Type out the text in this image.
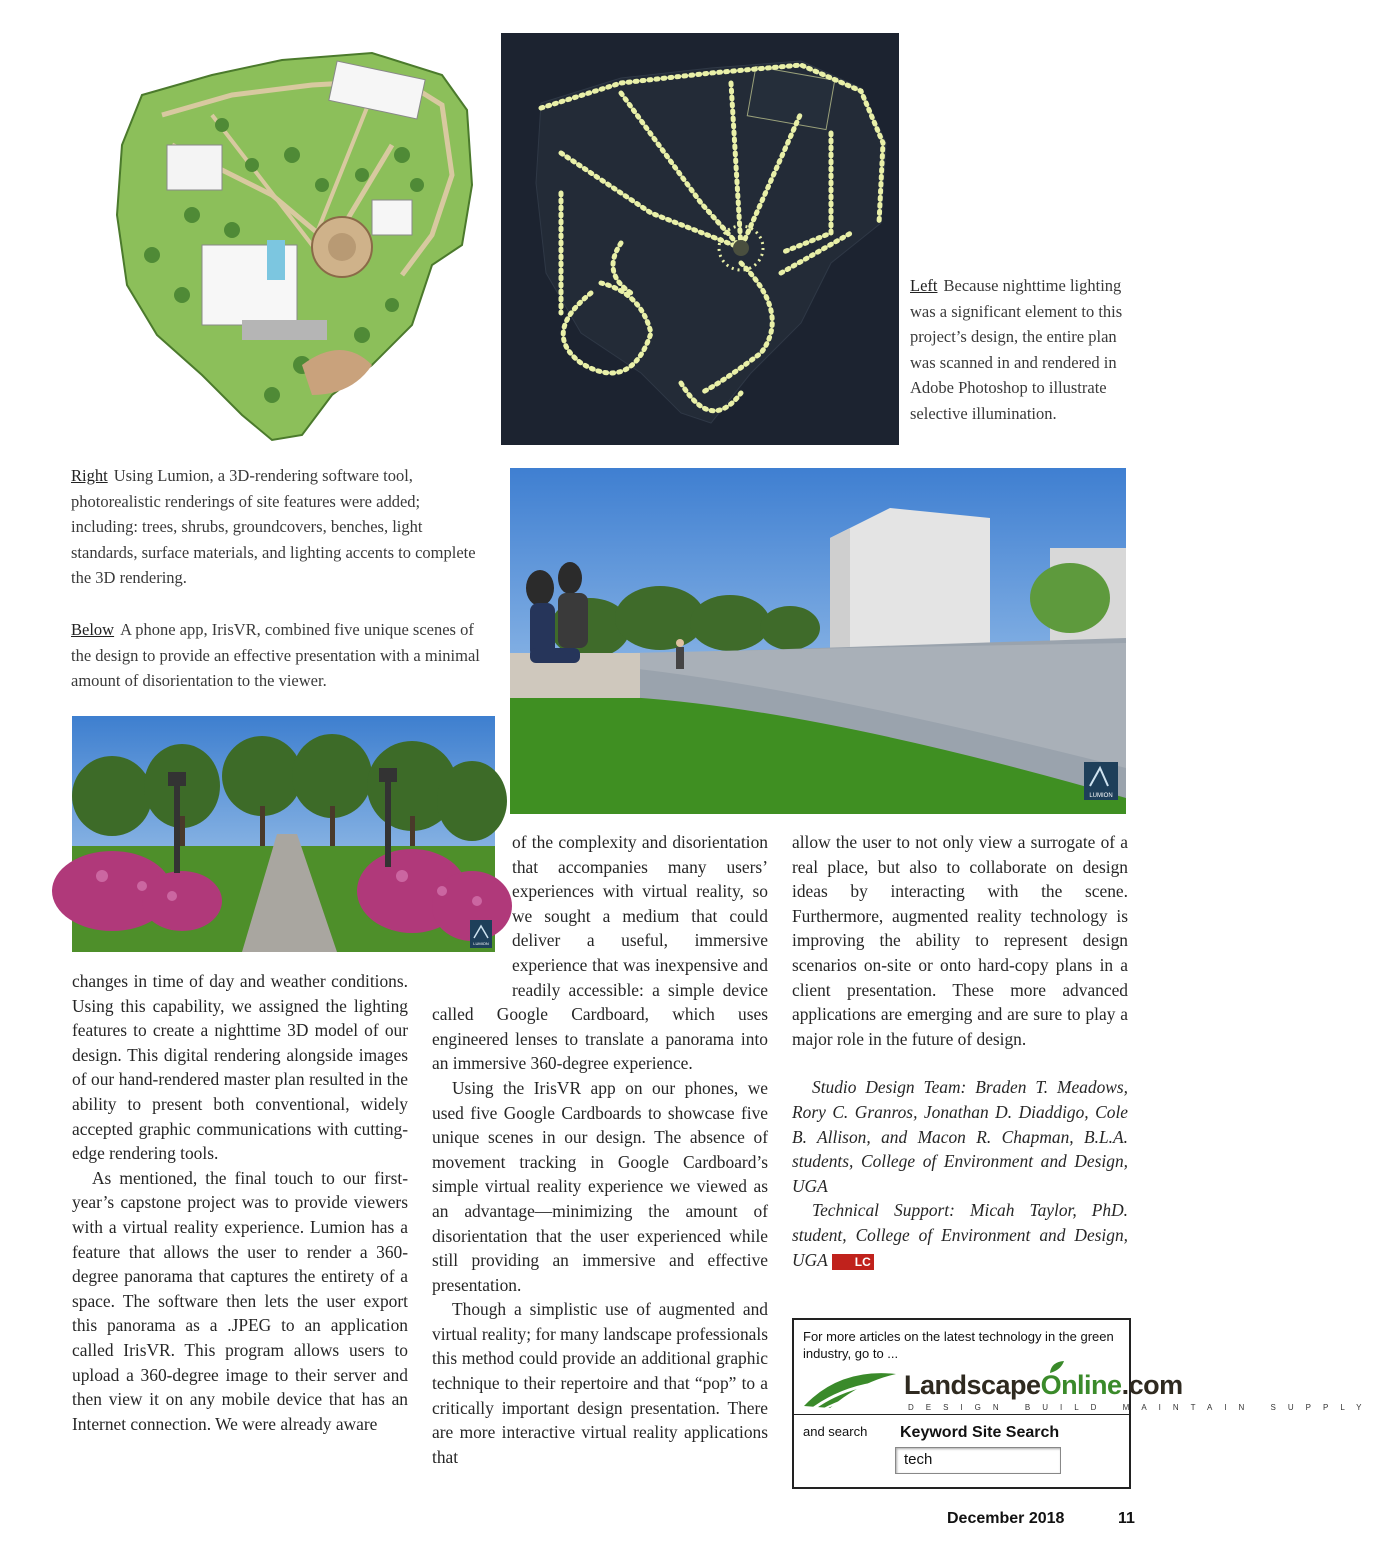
Left Because nighttime lighting was a significant element to this project’s design, the entire plan was scanned in and rendered in Adobe Photoshop to illustrate selective illumination.
Right Using Lumion, a 3D-rendering software tool, photorealistic renderings of site features were added; including: trees, shrubs, groundcovers, benches, light standards, surface materials, and lighting accents to complete the 3D rendering.
Below A phone app, IrisVR, combined five unique scenes of the design to provide an effective presentation with a minimal amount of disorientation to the viewer.
LUMION
LUMION

of the complexity and disorientation that accompanies many users’ experiences with virtual reality, so we sought a medium that could deliver a useful, immersive experience that was inexpensive and readily accessible: a simple device called Google Cardboard, which uses engineered lenses to translate a panorama into an immersive 360-degree experience.

Using the IrisVR app on our phones, we used five Google Cardboards to showcase five unique scenes in our design. The absence of movement tracking in Google Cardboard’s simple virtual reality experience we viewed as an advantage—minimizing the amount of disorientation that the user experienced while still providing an immersive and effective presentation.

Though a simplistic use of augmented and virtual reality; for many landscape professionals this method could provide an additional graphic technique to their repertoire and that “pop” to a critically important design presentation. There are more interactive virtual reality applications that

changes in time of day and weather conditions. Using this capability, we assigned the lighting features to create a nighttime 3D model of our design. This digital rendering alongside images of our hand-rendered master plan resulted in the ability to present both conventional, widely accepted graphic communications with cutting-edge rendering tools.

As mentioned, the final touch to our first-year’s capstone project was to provide viewers with a virtual reality experience. Lumion has a feature that allows the user to render a 360-degree panorama that captures the entirety of a space. The software then lets the user export this panorama as a .JPEG to an application called IrisVR. This program allows users to upload a 360-degree image to their server and then view it on any mobile device that has an Internet connection. We were already aware

allow the user to not only view a surrogate of a real place, but also to collaborate on design ideas by interacting with the scene. Furthermore, augmented reality technology is improving the ability to represent design scenarios on-site or onto hard-copy plans in a client presentation. These more advanced applications are emerging and are sure to play a major role in the future of design.

Studio Design Team: Braden T. Meadows, Rory C. Granros, Jonathan D. Diaddigo, Cole B. Allison, and Macon R. Chapman, B.L.A. students, College of Environment and Design, UGA

Technical Support: Micah Taylor, PhD. student, College of Environment and Design, UGA LC

For more articles on the latest technology in the green industry, go to ...
LandscapeOnline.com
DESIGN BUILD MAINTAIN SUPPLY
and search Keyword Site Search
tech
December 2018	11
